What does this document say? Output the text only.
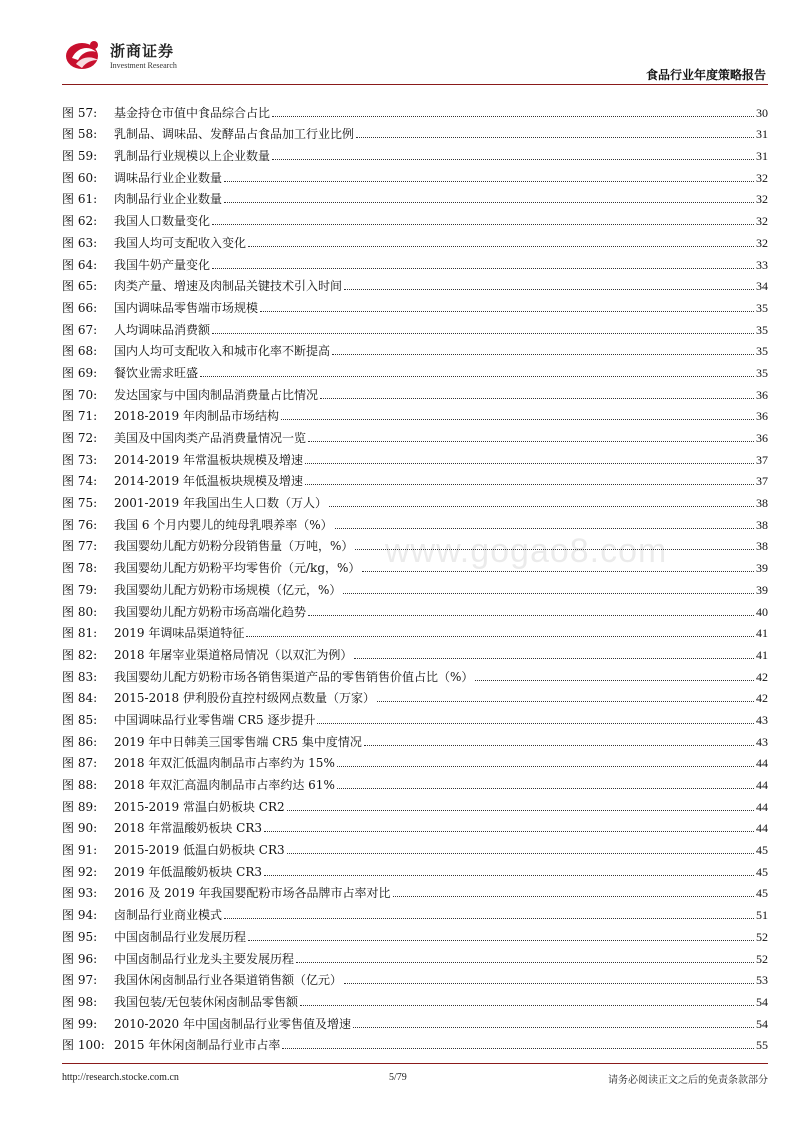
浙商证券
Investment Research
食品行业年度策略报告
图 57: 基金持仓市值中食品综合占比	30
图 58: 乳制品、调味品、发酵品占食品加工行业比例	31
图 59: 乳制品行业规模以上企业数量	31
图 60: 调味品行业企业数量	32
图 61: 肉制品行业企业数量	32
图 62: 我国人口数量变化	32
图 63: 我国人均可支配收入变化	32
图 64: 我国牛奶产量变化	33
图 65: 肉类产量、增速及肉制品关键技术引入时间	34
图 66: 国内调味品零售端市场规模	35
图 67: 人均调味品消费额	35
图 68: 国内人均可支配收入和城市化率不断提高	35
图 69: 餐饮业需求旺盛	35
图 70: 发达国家与中国肉制品消费量占比情况	36
图 71: 2018-2019 年肉制品市场结构	36
图 72: 美国及中国肉类产品消费量情况一览	36
图 73: 2014-2019 年常温板块规模及增速	37
图 74: 2014-2019 年低温板块规模及增速	37
图 75: 2001-2019 年我国出生人口数（万人）	38
图 76: 我国 6 个月内婴儿的纯母乳喂养率（%）	38
图 77: 我国婴幼儿配方奶粉分段销售量（万吨，%）	38
图 78: 我国婴幼儿配方奶粉平均零售价（元/kg，%）	39
图 79: 我国婴幼儿配方奶粉市场规模（亿元，%）	39
图 80: 我国婴幼儿配方奶粉市场高端化趋势	40
图 81: 2019 年调味品渠道特征	41
图 82: 2018 年屠宰业渠道格局情况（以双汇为例）	41
图 83: 我国婴幼儿配方奶粉市场各销售渠道产品的零售销售价值占比（%）	42
图 84: 2015-2018 伊利股份直控村级网点数量（万家）	42
图 85: 中国调味品行业零售端 CR5 逐步提升	43
图 86: 2019 年中日韩美三国零售端 CR5 集中度情况	43
图 87: 2018 年双汇低温肉制品市占率约为 15%	44
图 88: 2018 年双汇高温肉制品市占率约达 61%	44
图 89: 2015-2019 常温白奶板块 CR2	44
图 90: 2018 年常温酸奶板块 CR3	44
图 91: 2015-2019 低温白奶板块 CR3	45
图 92: 2019 年低温酸奶板块 CR3	45
图 93: 2016 及 2019 年我国婴配粉市场各品牌市占率对比	45
图 94: 卤制品行业商业模式	51
图 95: 中国卤制品行业发展历程	52
图 96: 中国卤制品行业龙头主要发展历程	52
图 97: 我国休闲卤制品行业各渠道销售额（亿元）	53
图 98: 我国包装/无包装休闲卤制品零售额	54
图 99: 2010-2020 年中国卤制品行业零售值及增速	54
图 100: 2015 年休闲卤制品行业市占率	55
www.gogao8.com
http://research.stocke.com.cn	5/79	请务必阅读正文之后的免责条款部分
